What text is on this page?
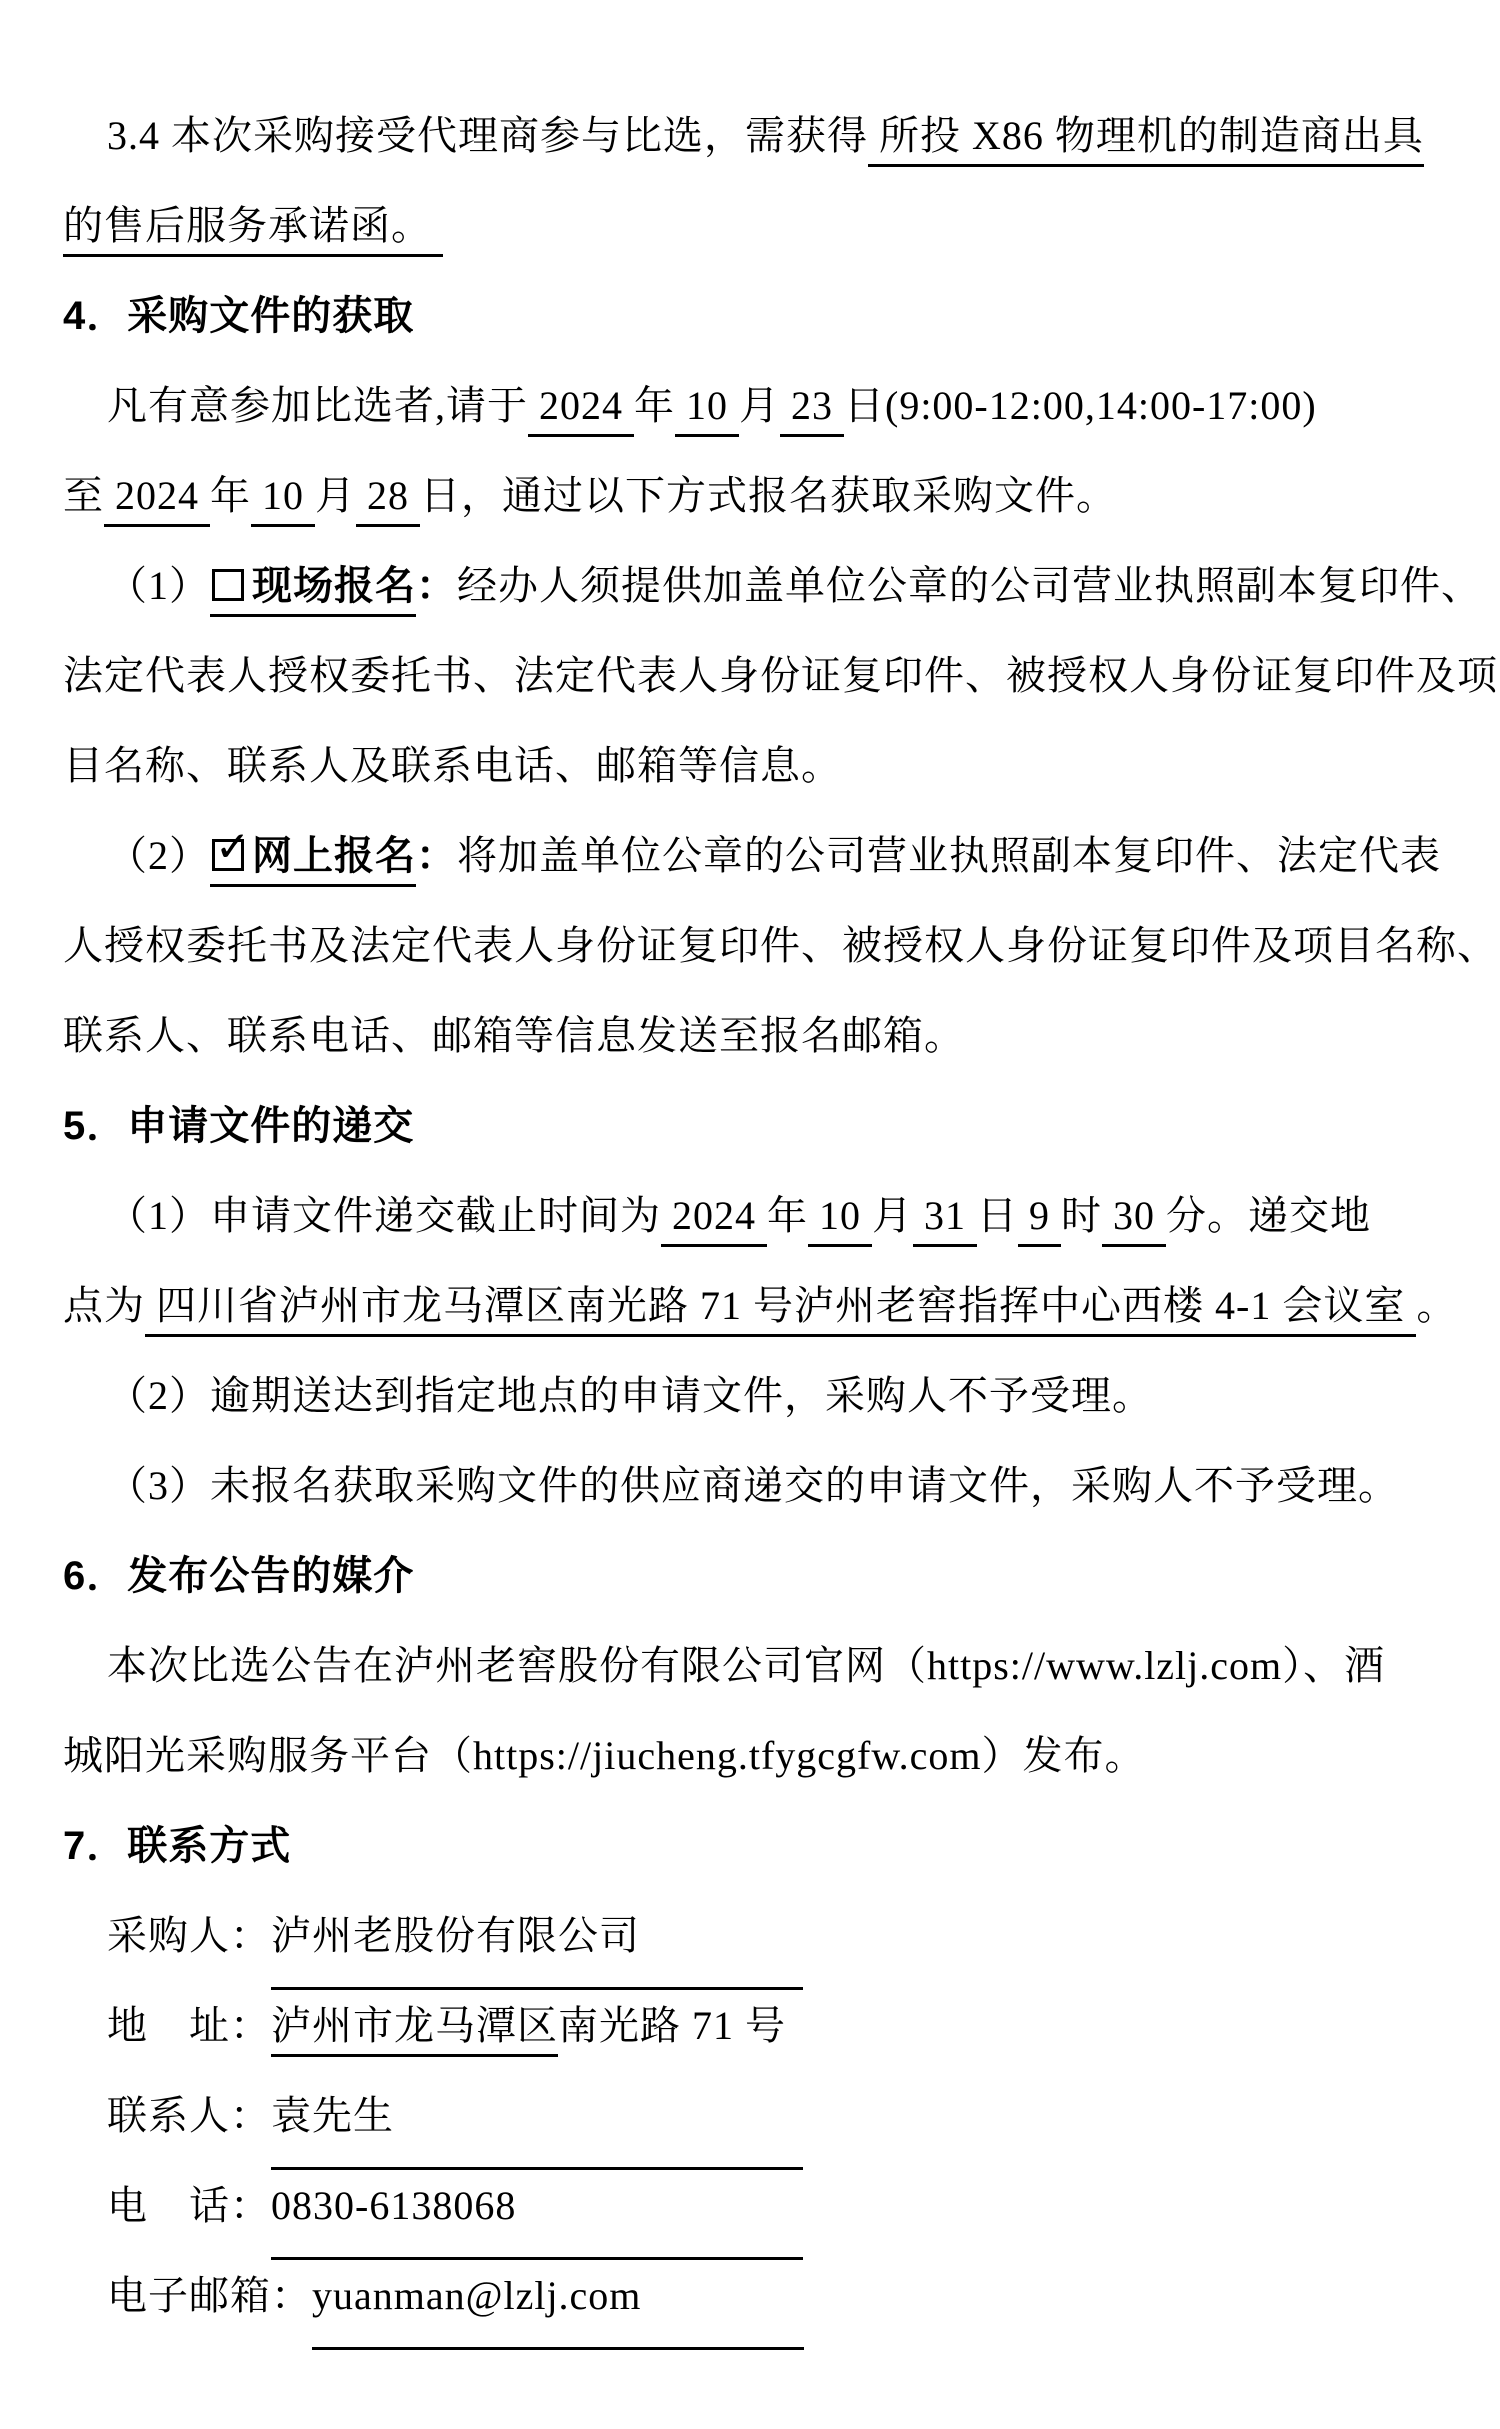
3.4 本次采购接受代理商参与比选，需获得 所投 X86 物理机的制造商出具
的售后服务承诺函。
4．采购文件的获取
凡有意参加比选者,请于 2024 年 10 月 23 日(9:00-12:00,14:00-17:00)
至 2024 年 10 月 28 日，通过以下方式报名获取采购文件。
（1） 现场报名：经办人须提供加盖单位公章的公司营业执照副本复印件、
法定代表人授权委托书、法定代表人身份证复印件、被授权人身份证复印件及项
目名称、联系人及联系电话、邮箱等信息。
（2） ✓ 网上报名：将加盖单位公章的公司营业执照副本复印件、法定代表
人授权委托书及法定代表人身份证复印件、被授权人身份证复印件及项目名称、
联系人、联系电话、邮箱等信息发送至报名邮箱。
5．申请文件的递交
（1）申请文件递交截止时间为 2024 年 10 月 31 日 9 时 30 分。递交地
点为 四川省泸州市龙马潭区南光路 71 号泸州老窖指挥中心西楼 4-1 会议室 。
（2）逾期送达到指定地点的申请文件，采购人不予受理。
（3）未报名获取采购文件的供应商递交的申请文件，采购人不予受理。
6．发布公告的媒介
本次比选公告在泸州老窖股份有限公司官网（https://www.lzlj.com）、酒
城阳光采购服务平台（https://jiucheng.tfygcgfw.com）发布。
7．联系方式
采购人：泸州老股份有限公司
地　址：泸州市龙马潭区南光路 71 号
联系人：袁先生
电　话：0830-6138068
电子邮箱：yuanman@lzlj.com
